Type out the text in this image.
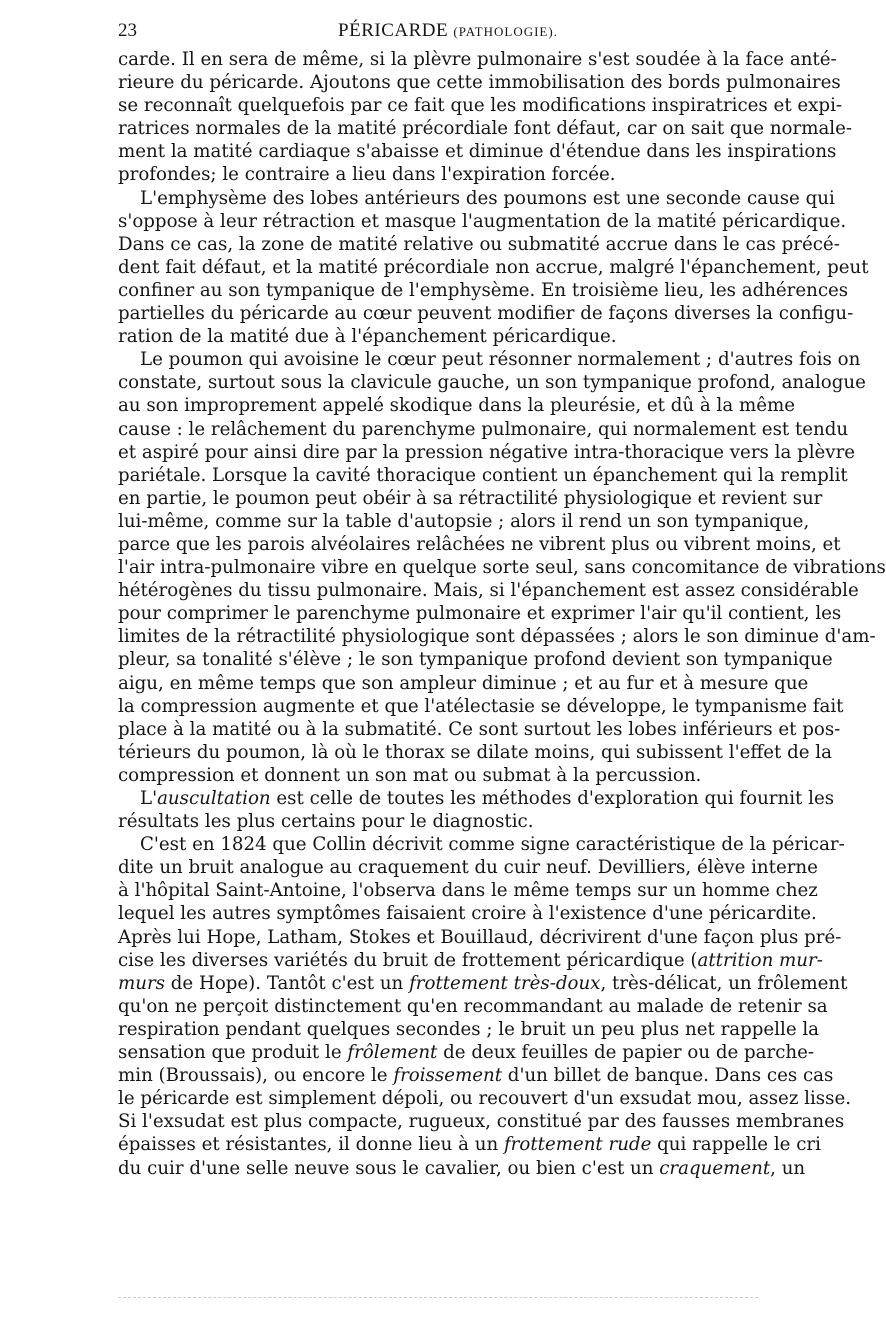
23	PÉRICARDE (PATHOLOGIE).

carde. Il en sera de même, si la plèvre pulmonaire s'est soudée à la face anté-
rieure du péricarde. Ajoutons que cette immobilisation des bords pulmonaires
se reconnaît quelquefois par ce fait que les modifications inspiratrices et expi-
ratrices normales de la matité précordiale font défaut, car on sait que normale-
ment la matité cardiaque s'abaisse et diminue d'étendue dans les inspirations
profondes; le contraire a lieu dans l'expiration forcée.

L'emphysème des lobes antérieurs des poumons est une seconde cause qui
s'oppose à leur rétraction et masque l'augmentation de la matité péricardique.
Dans ce cas, la zone de matité relative ou submatité accrue dans le cas précé-
dent fait défaut, et la matité précordiale non accrue, malgré l'épanchement, peut
confiner au son tympanique de l'emphysème. En troisième lieu, les adhérences
partielles du péricarde au cœur peuvent modifier de façons diverses la configu-
ration de la matité due à l'épanchement péricardique.

Le poumon qui avoisine le cœur peut résonner normalement ; d'autres fois on
constate, surtout sous la clavicule gauche, un son tympanique profond, analogue
au son improprement appelé skodique dans la pleurésie, et dû à la même
cause : le relâchement du parenchyme pulmonaire, qui normalement est tendu
et aspiré pour ainsi dire par la pression négative intra-thoracique vers la plèvre
pariétale. Lorsque la cavité thoracique contient un épanchement qui la remplit
en partie, le poumon peut obéir à sa rétractilité physiologique et revient sur
lui-même, comme sur la table d'autopsie ; alors il rend un son tympanique,
parce que les parois alvéolaires relâchées ne vibrent plus ou vibrent moins, et
l'air intra-pulmonaire vibre en quelque sorte seul, sans concomitance de vibrations
hétérogènes du tissu pulmonaire. Mais, si l'épanchement est assez considérable
pour comprimer le parenchyme pulmonaire et exprimer l'air qu'il contient, les
limites de la rétractilité physiologique sont dépassées ; alors le son diminue d'am-
pleur, sa tonalité s'élève ; le son tympanique profond devient son tympanique
aigu, en même temps que son ampleur diminue ; et au fur et à mesure que
la compression augmente et que l'atélectasie se développe, le tympanisme fait
place à la matité ou à la submatité. Ce sont surtout les lobes inférieurs et pos-
térieurs du poumon, là où le thorax se dilate moins, qui subissent l'effet de la
compression et donnent un son mat ou submat à la percussion.

L'auscultation est celle de toutes les méthodes d'exploration qui fournit les
résultats les plus certains pour le diagnostic.

C'est en 1824 que Collin décrivit comme signe caractéristique de la péricar-
dite un bruit analogue au craquement du cuir neuf. Devilliers, élève interne
à l'hôpital Saint-Antoine, l'observa dans le même temps sur un homme chez
lequel les autres symptômes faisaient croire à l'existence d'une péricardite.
Après lui Hope, Latham, Stokes et Bouillaud, décrivirent d'une façon plus pré-
cise les diverses variétés du bruit de frottement péricardique (attrition mur-
murs de Hope). Tantôt c'est un frottement très-doux, très-délicat, un frôlement
qu'on ne perçoit distinctement qu'en recommandant au malade de retenir sa
respiration pendant quelques secondes ; le bruit un peu plus net rappelle la
sensation que produit le frôlement de deux feuilles de papier ou de parche-
min (Broussais), ou encore le froissement d'un billet de banque. Dans ces cas
le péricarde est simplement dépoli, ou recouvert d'un exsudat mou, assez lisse.
Si l'exsudat est plus compacte, rugueux, constitué par des fausses membranes
épaisses et résistantes, il donne lieu à un frottement rude qui rappelle le cri
du cuir d'une selle neuve sous le cavalier, ou bien c'est un craquement, un
